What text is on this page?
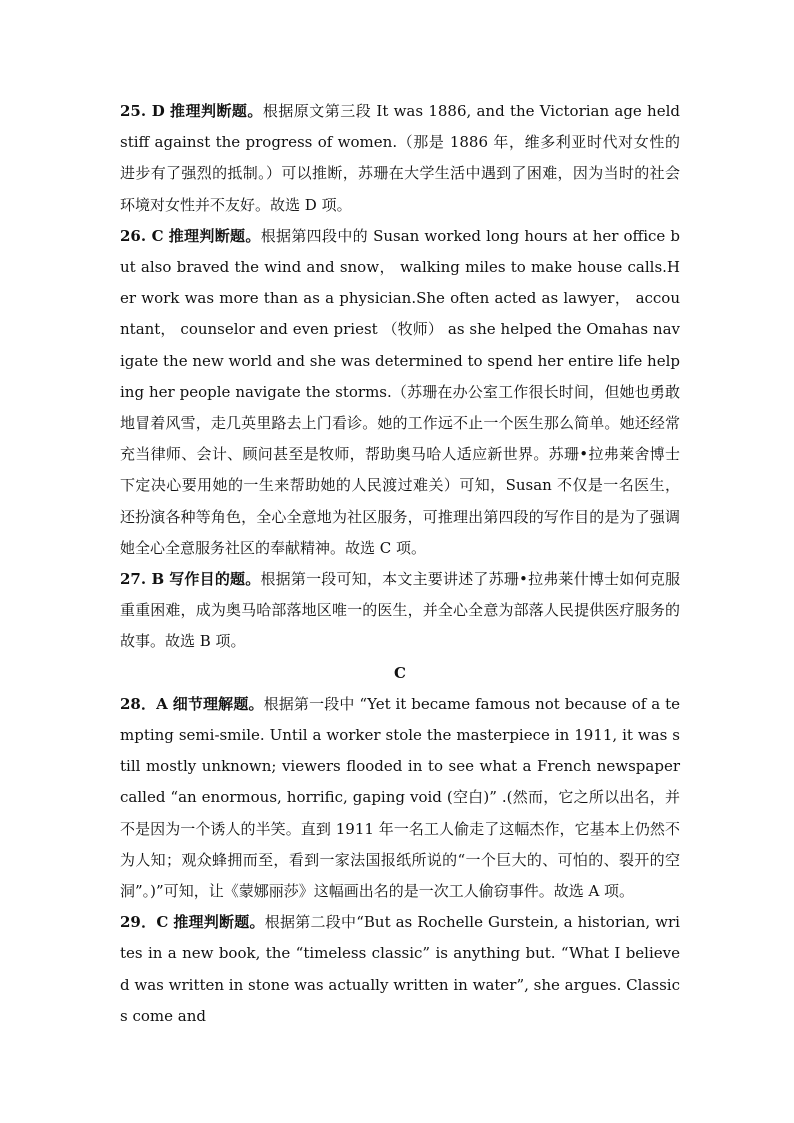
25. D 推理判断题。根据原文第三段 It was 1886, and the Victorian age held stiff against the progress of women.（那是 1886 年，维多利亚时代对女性的进步有了强烈的抵制。）可以推断，苏珊在大学生活中遇到了困难，因为当时的社会环境对女性并不友好。故选 D 项。

26. C 推理判断题。根据第四段中的 Susan worked long hours at her office but also braved the wind and snow， walking miles to make house calls.Her work was more than as a physician.She often acted as lawyer， accountant， counselor and even priest （牧师） as she helped the Omahas navigate the new world and she was determined to spend her entire life helping her people navigate the storms.（苏珊在办公室工作很长时间，但她也勇敢地冒着风雪，走几英里路去上门看诊。她的工作远不止一个医生那么简单。她还经常充当律师、会计、顾问甚至是牧师，帮助奥马哈人适应新世界。苏珊•拉弗莱舍博士下定决心要用她的一生来帮助她的人民渡过难关）可知，Susan 不仅是一名医生，还扮演各种等角色，全心全意地为社区服务，可推理出第四段的写作目的是为了强调她全心全意服务社区的奉献精神。故选 C 项。

27. B 写作目的题。根据第一段可知，本文主要讲述了苏珊•拉弗莱什博士如何克服重重困难，成为奥马哈部落地区唯一的医生，并全心全意为部落人民提供医疗服务的故事。故选 B 项。

C

28．A 细节理解题。根据第一段中 “Yet it became famous not because of a tempting semi-smile. Until a worker stole the masterpiece in 1911, it was still mostly unknown; viewers flooded in to see what a French newspaper called “an enormous, horrific, gaping void (空白)” .(然而，它之所以出名，并不是因为一个诱人的半笑。直到 1911 年一名工人偷走了这幅杰作，它基本上仍然不为人知；观众蜂拥而至，看到一家法国报纸所说的“一个巨大的、可怕的、裂开的空洞”。)”可知，让《蒙娜丽莎》这幅画出名的是一次工人偷窃事件。故选 A 项。

29．C 推理判断题。根据第二段中“But as Rochelle Gurstein, a historian, writes in a new book, the “timeless classic” is anything but. “What I believed was written in stone was actually written in water”, she argues. Classics come and
